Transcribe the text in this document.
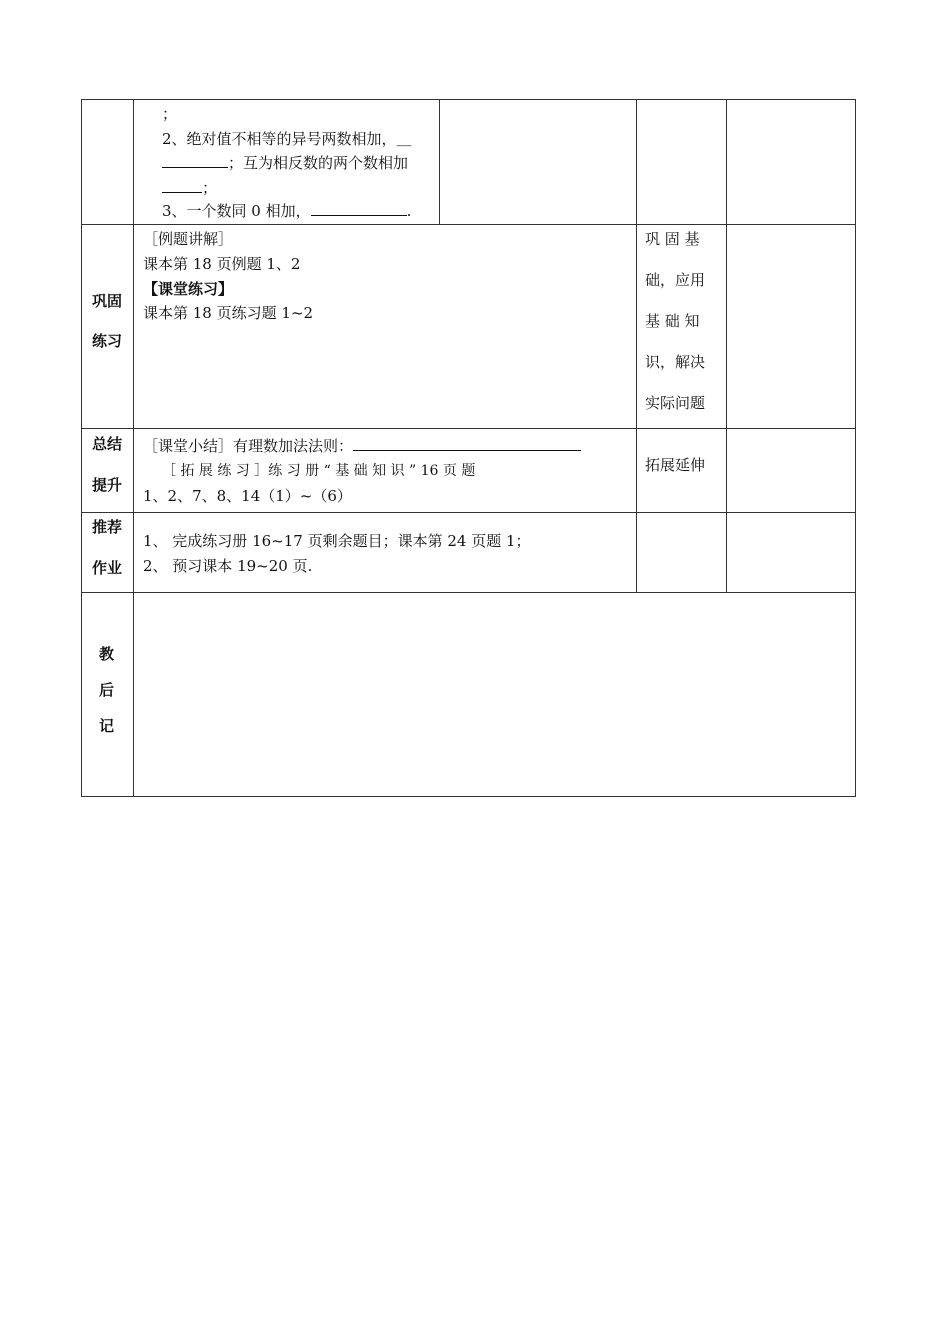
；
2、绝对值不相等的异号两数相加，＿
；互为相反数的两个数相加
；
3、一个数同 0 相加，	.
巩固
练习
［例题讲解］
课本第 18 页例题 1、2
【课堂练习】
课本第 18 页练习题 1~2
巩 固 基
础，应用
基 础 知
识，解决
实际问题
总结
提升
［课堂小结］有理数加法法则：
［ 拓 展 练 习 ］练 习 册 “ 基 础 知 识 ” 16 页 题
1、2、7、8、14（1）~（6）
拓展延伸
推荐
作业
1、 完成练习册 16~17 页剩余题目；课本第 24 页题 1；
2、 预习课本 19~20 页.
教
后
记
